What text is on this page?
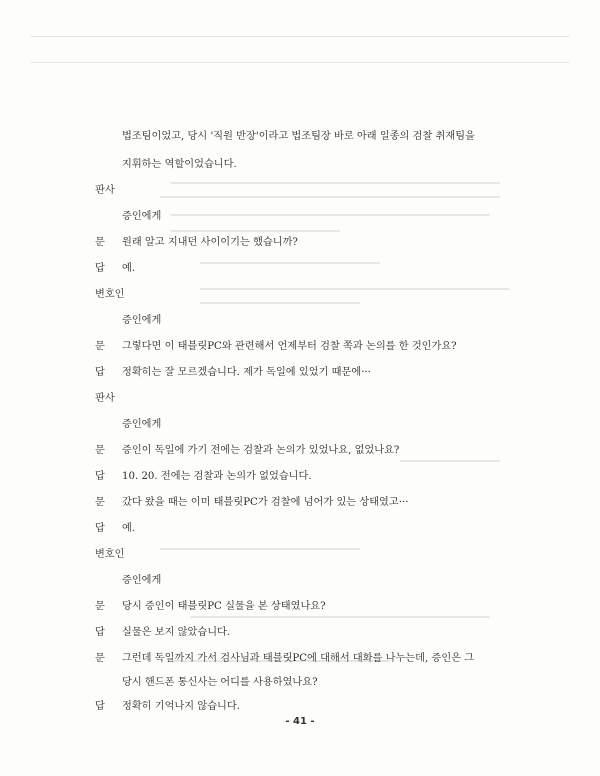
법조팀이었고, 당시 '직원 반장'이라고 법조팀장 바로 아래 일종의 검찰 취재팀을
지휘하는 역할이었습니다.
판사
증인에게
문 원래 알고 지내던 사이이기는 했습니까?
답 예.
변호인
증인에게
문 그렇다면 이 태블릿PC와 관련해서 언제부터 검찰 쪽과 논의를 한 것인가요?
답 정확히는 잘 모르겠습니다. 제가 독일에 있었기 때문에···
판사
증인에게
문 증인이 독일에 가기 전에는 검찰과 논의가 있었나요, 없었나요?
답 10. 20. 전에는 검찰과 논의가 없었습니다.
문 갔다 왔을 때는 이미 태블릿PC가 검찰에 넘어가 있는 상태였고···
답 예.
변호인
증인에게
문 당시 증인이 태블릿PC 실물을 본 상태였나요?
답 실물은 보지 않았습니다.
문 그런데 독일까지 가서 검사님과 태블릿PC에 대해서 대화를 나누는데, 증인은 그
당시 핸드폰 통신사는 어디를 사용하였나요?
답 정확히 기억나지 않습니다.
- 41 -
